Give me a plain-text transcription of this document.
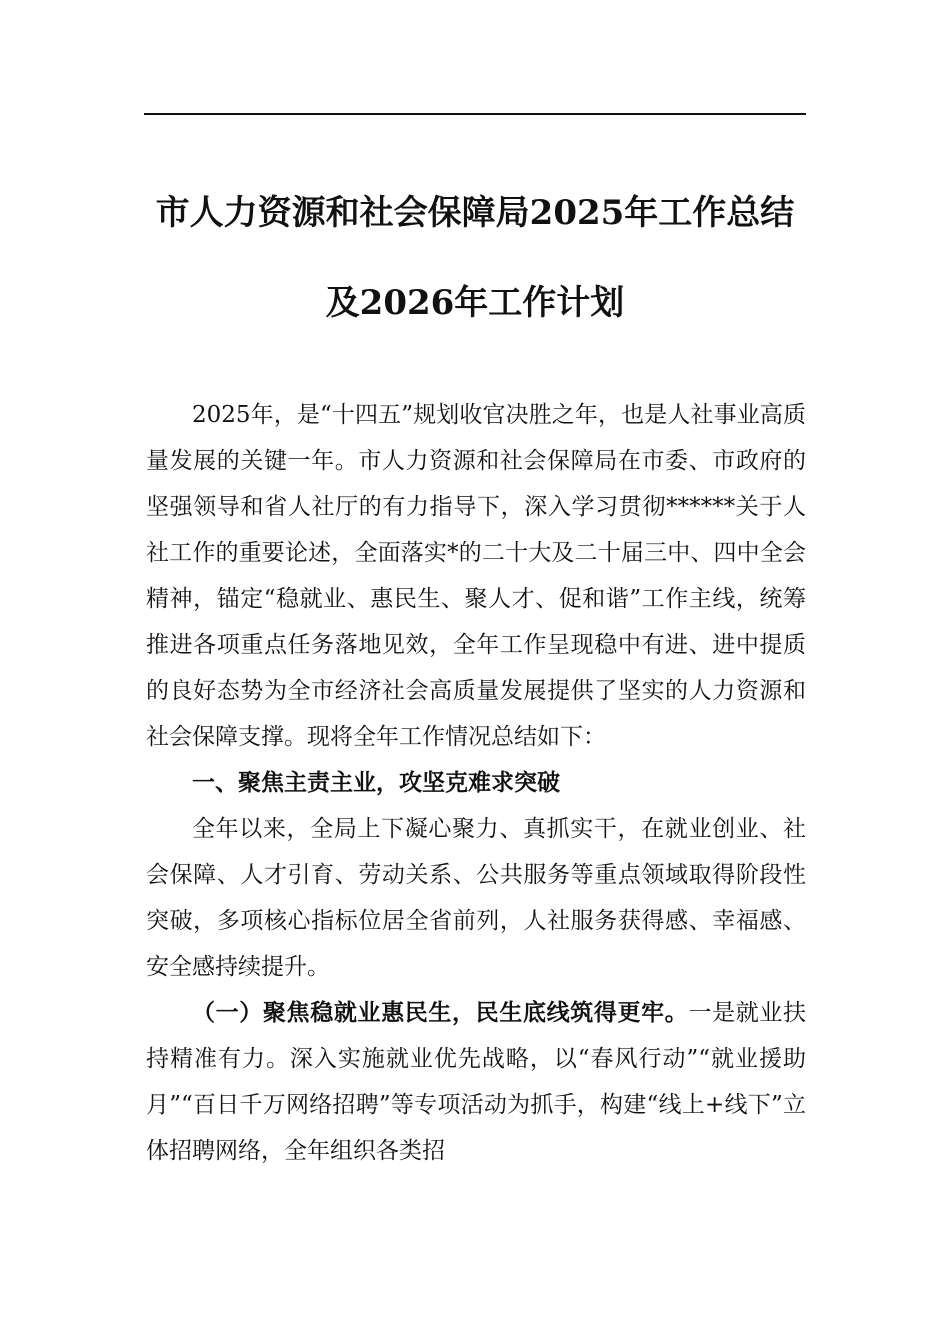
市人力资源和社会保障局2025年工作总结
及2026年工作计划

2025年，是“十四五”规划收官决胜之年，也是人社事业高质量发展的关键一年。市人力资源和社会保障局在市委、市政府的坚强领导和省人社厅的有力指导下，深入学习贯彻******关于人社工作的重要论述，全面落实*的二十大及二十届三中、四中全会精神，锚定“稳就业、惠民生、聚人才、促和谐”工作主线，统筹推进各项重点任务落地见效，全年工作呈现稳中有进、进中提质的良好态势为全市经济社会高质量发展提供了坚实的人力资源和社会保障支撑。现将全年工作情况总结如下：

一、聚焦主责主业，攻坚克难求突破

全年以来，全局上下凝心聚力、真抓实干，在就业创业、社会保障、人才引育、劳动关系、公共服务等重点领域取得阶段性突破，多项核心指标位居全省前列，人社服务获得感、幸福感、安全感持续提升。

（一）聚焦稳就业惠民生，民生底线筑得更牢。一是就业扶持精准有力。深入实施就业优先战略，以“春风行动”“就业援助月”“百日千万网络招聘”等专项活动为抓手，构建“线上+线下”立体招聘网络，全年组织各类招
